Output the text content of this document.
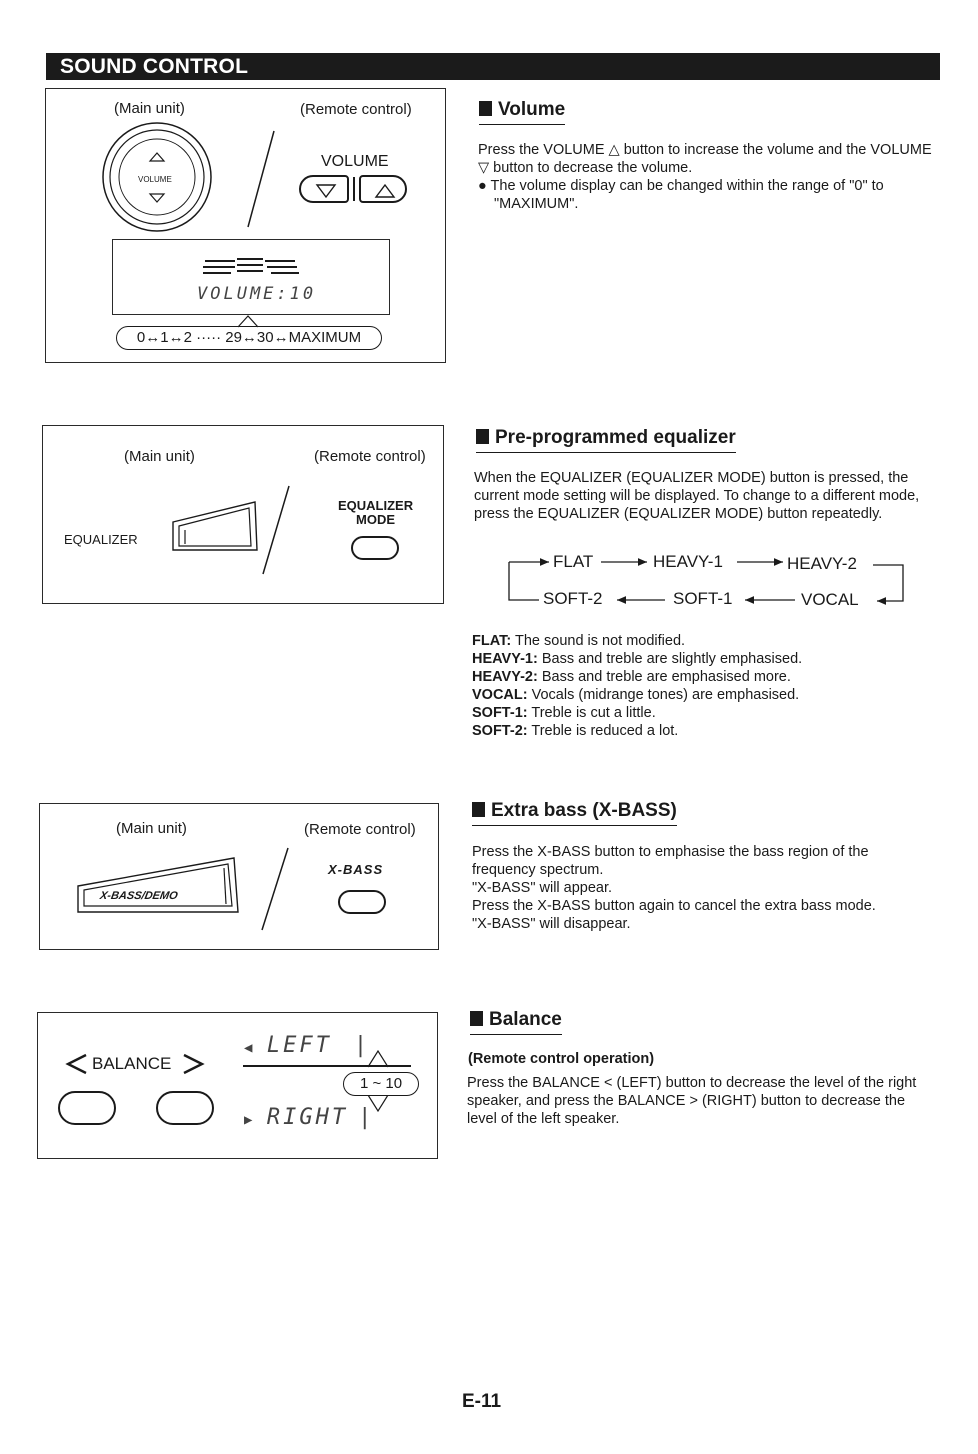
SOUND CONTROL
(Main unit)	(Remote control)
VOLUME
VOLUME
VOLUME:10
0↔1↔2 ····· 29↔30↔MAXIMUM
Volume

Press the VOLUME △ button to increase the volume and the VOLUME ▽ button to decrease the volume.

● The volume display can be changed within the range of "0" to "MAXIMUM".

(Main unit)	(Remote control)
EQUALIZER
EQUALIZER
MODE
Pre-programmed equalizer
When the EQUALIZER (EQUALIZER MODE) button is pressed, the current mode setting will be displayed. To change to a different mode, press the EQUALIZER (EQUALIZER MODE) button repeatedly.
FLAT	HEAVY-1	HEAVY-2
VOCAL
SOFT-1
SOFT-2

FLAT: The sound is not modified.

HEAVY-1: Bass and treble are slightly emphasised.

HEAVY-2: Bass and treble are emphasised more.

VOCAL: Vocals (midrange tones) are emphasised.

SOFT-1: Treble is cut a little.

SOFT-2: Treble is reduced a lot.

(Main unit)	(Remote control)
X-BASS/DEMO
X-BASS
Extra bass (X-BASS)

Press the X-BASS button to emphasise the bass region of the frequency spectrum.

"X-BASS" will appear.

Press the X-BASS button again to cancel the extra bass mode.

"X-BASS" will disappear.

BALANCE
◀ LEFT |
1 ~ 10
▶ RIGHT |
Balance
(Remote control operation)
Press the BALANCE < (LEFT) button to decrease the level of the right speaker, and press the BALANCE > (RIGHT) button to decrease the level of the left speaker.
E-11
